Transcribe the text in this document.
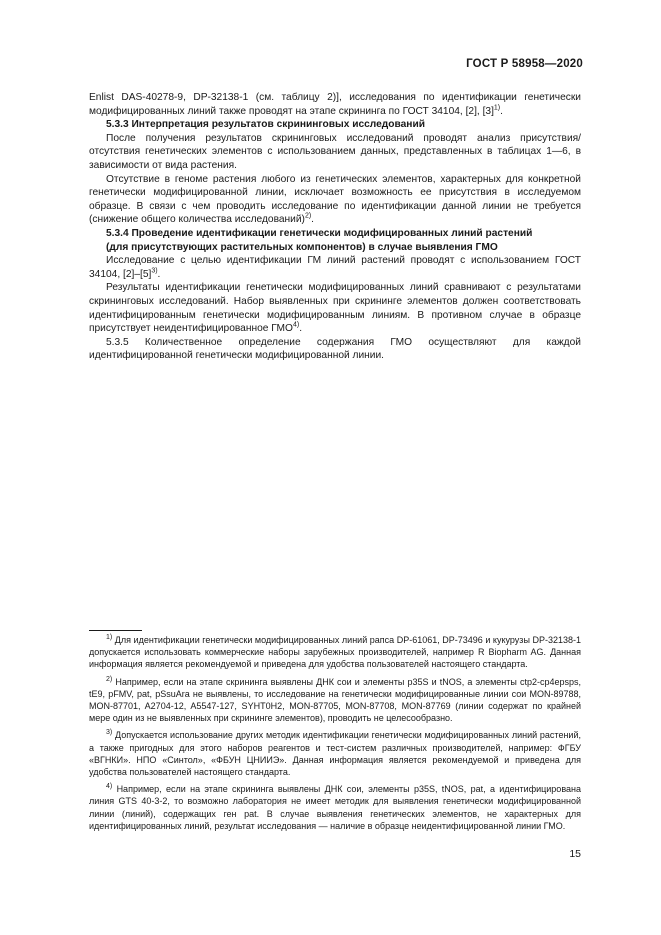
ГОСТ Р 58958—2020

Enlist DAS-40278-9, DP-32138-1 (см. таблицу 2)], исследования по идентификации генетически модифицированных линий также проводят на этапе скрининга по ГОСТ 34104, [2], $[3]^{1)}$.

5.3.3 Интерпретация результатов скрининговых исследований

После получения результатов скрининговых исследований проводят анализ присутствия/отсутствия генетических элементов с использованием данных, представленных в таблицах 1—6, в зависимости от вида растения.

Отсутствие в геноме растения любого из генетических элементов, характерных для конкретной генетически модифицированной линии, исключает возможность ее присутствия в исследуемом образце. В связи с чем проводить исследование по идентификации данной линии не требуется (снижение общего количества исследований)$^{2)}$.

5.3.4 Проведение идентификации генетически модифицированных линий растений
(для присутствующих растительных компонентов) в случае выявления ГМО

Исследование с целью идентификации ГМ линий растений проводят с использованием ГОСТ 34104, $[2]-[5]^{3)}$.

Результаты идентификации генетически модифицированных линий сравнивают с результатами скрининговых исследований. Набор выявленных при скрининге элементов должен соответствовать идентифицированным генетически модифицированным линиям. В противном случае в образце присутствует неидентифицированное ГМО$^{4)}$.

5.3.5 Количественное определение содержания ГМО осуществляют для каждой идентифицированной генетически модифицированной линии.

$^{1)}$ Для идентификации генетически модифицированных линий рапса DP-61061, DP-73496 и кукурузы DP-32138-1 допускается использовать коммерческие наборы зарубежных производителей, например R Biopharm AG. Данная информация является рекомендуемой и приведена для удобства пользователей настоящего стандарта.

$^{2)}$ Например, если на этапе скрининга выявлены ДНК сои и элементы p35S и tNOS, а элементы ctp2-cp4epsps, tE9, pFMV, pat, pSsuAra не выявлены, то исследование на генетически модифицированные линии сои MON-89788, MON-87701, A2704-12, A5547-127, SYHT0H2, MON-87705, MON-87708, MON-87769 (линии содержат по крайней мере один из не выявленных при скрининге элементов), проводить не целесообразно.

$^{3)}$ Допускается использование других методик идентификации генетически модифицированных линий растений, а также пригодных для этого наборов реагентов и тест-систем различных производителей, например: ФГБУ «ВГНКИ». НПО «Синтол», «ФБУН ЦНИИЭ». Данная информация является рекомендуемой и приведена для удобства пользователей настоящего стандарта.

$^{4)}$ Например, если на этапе скрининга выявлены ДНК сои, элементы p35S, tNOS, pat, а идентифицирована линия GTS 40-3-2, то возможно лаборатория не имеет методик для выявления генетически модифицированной линии (линий), содержащих ген pat. В случае выявления генетических элементов, не характерных для идентифицированных линий, результат исследования — наличие в образце неидентифицированной линии ГМО.

15
